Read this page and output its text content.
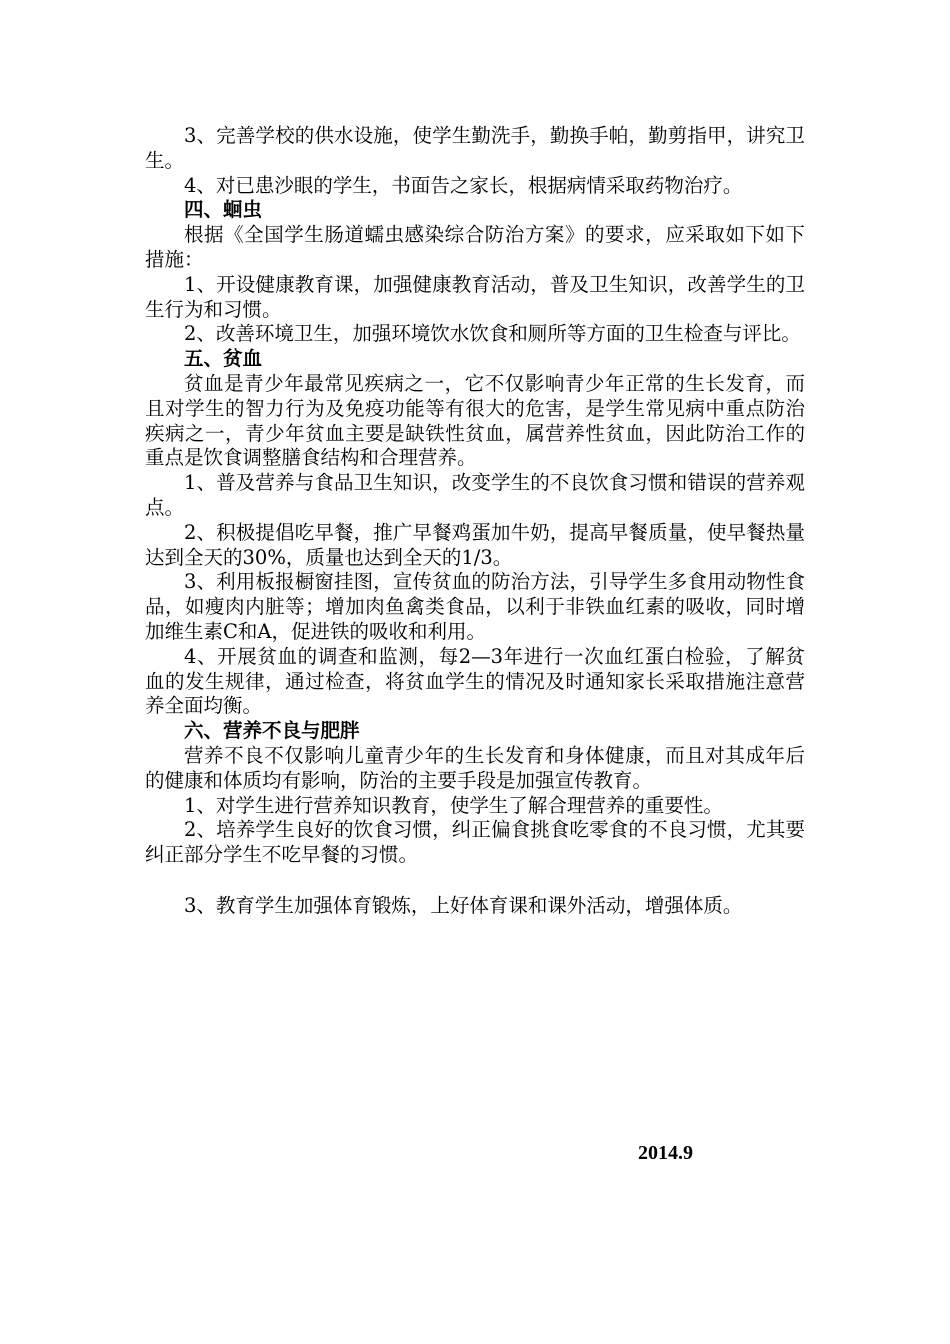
3、完善学校的供水设施，使学生勤洗手，勤换手帕，勤剪指甲，讲究卫生。

4、对已患沙眼的学生，书面告之家长，根据病情采取药物治疗。

四、蛔虫

根据《全国学生肠道蠕虫感染综合防治方案》的要求，应采取如下如下措施：

1、开设健康教育课，加强健康教育活动，普及卫生知识，改善学生的卫生行为和习惯。

2、改善环境卫生，加强环境饮水饮食和厕所等方面的卫生检查与评比。

五、贫血

贫血是青少年最常见疾病之一，它不仅影响青少年正常的生长发育，而且对学生的智力行为及免疫功能等有很大的危害，是学生常见病中重点防治疾病之一，青少年贫血主要是缺铁性贫血，属营养性贫血，因此防治工作的重点是饮食调整膳食结构和合理营养。

1、普及营养与食品卫生知识，改变学生的不良饮食习惯和错误的营养观点。

2、积极提倡吃早餐，推广早餐鸡蛋加牛奶，提高早餐质量，使早餐热量达到全天的30%，质量也达到全天的1/3。

3、利用板报橱窗挂图，宣传贫血的防治方法，引导学生多食用动物性食品，如瘦肉内脏等；增加肉鱼禽类食品，以利于非铁血红素的吸收，同时增加维生素C和A，促进铁的吸收和利用。

4、开展贫血的调查和监测，每2—3年进行一次血红蛋白检验，了解贫血的发生规律，通过检查，将贫血学生的情况及时通知家长采取措施注意营养全面均衡。

六、营养不良与肥胖

营养不良不仅影响儿童青少年的生长发育和身体健康，而且对其成年后的健康和体质均有影响，防治的主要手段是加强宣传教育。

1、对学生进行营养知识教育，使学生了解合理营养的重要性。

2、培养学生良好的饮食习惯，纠正偏食挑食吃零食的不良习惯，尤其要纠正部分学生不吃早餐的习惯。

3、教育学生加强体育锻炼，上好体育课和课外活动，增强体质。

2014.9
